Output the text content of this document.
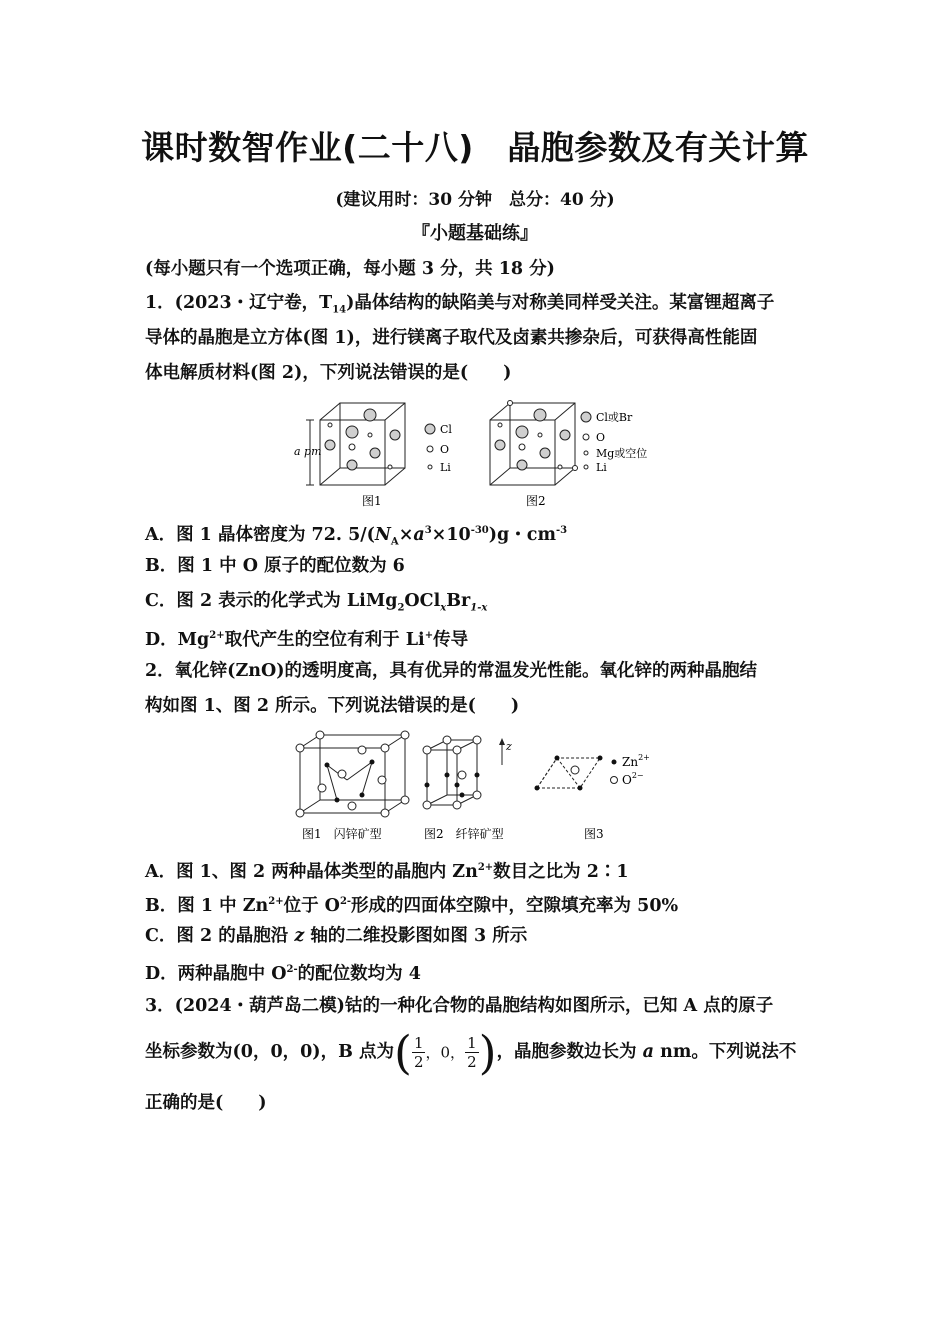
课时数智作业(二十八)　晶胞参数及有关计算
(建议用时：30 分钟　总分：40 分)
『小题基础练』
(每小题只有一个选项正确，每小题 3 分，共 18 分)
1．(2023・辽宁卷，$T_{14}$)晶体结构的缺陷美与对称美同样受关注。某富锂超离子
导体的晶胞是立方体(图 1)，进行镁离子取代及卤素共掺杂后，可获得高性能固
体电解质材料(图 2)，下列说法错误的是(　　)
a pm
Cl
O
Li
图1
Cl或Br
O
Mg或空位
Li
图2
A．图 1 晶体密度为 72. $5/(N_A\times a^3\times 10^{-30})g$・$cm^{-3}$
B．图 1 中 O 原子的配位数为 6
C．图 2 表示的化学式为 $LiMg_2OCl_xBr_{1-x}$
D．$Mg^{2+}$取代产生的空位有利于 Li+传导
2．氧化锌(ZnO)的透明度高，具有优异的常温发光性能。氧化锌的两种晶胞结
构如图 1、图 2 所示。下列说法错误的是(　　)
图1　闪锌矿型
z
图2　纤锌矿型
$Zn^{2+}$
$O^{2-}$
图3
A．图 1、图 2 两种晶体类型的晶胞内 $Zn^{2+}$数目之比为 2∶1
B．图 1 中 $Zn^{2+}$位于 $O^{2-}$形成的四面体空隙中，空隙填充率为 50%
C．图 2 的晶胞沿 z 轴的二维投影图如图 3 所示
D．两种晶胞中 $O^{2-}$的配位数均为 4
3．(2024・葫芦岛二模)钴的一种化合物的晶胞结构如图所示，已知 A 点的原子
坐标参数为(0，0，0)，B 点为( $\frac{1}{2}$ ，0， $\frac{1}{2}$ )，晶胞参数边长为 a nm。下列说法不
正确的是(　　)
